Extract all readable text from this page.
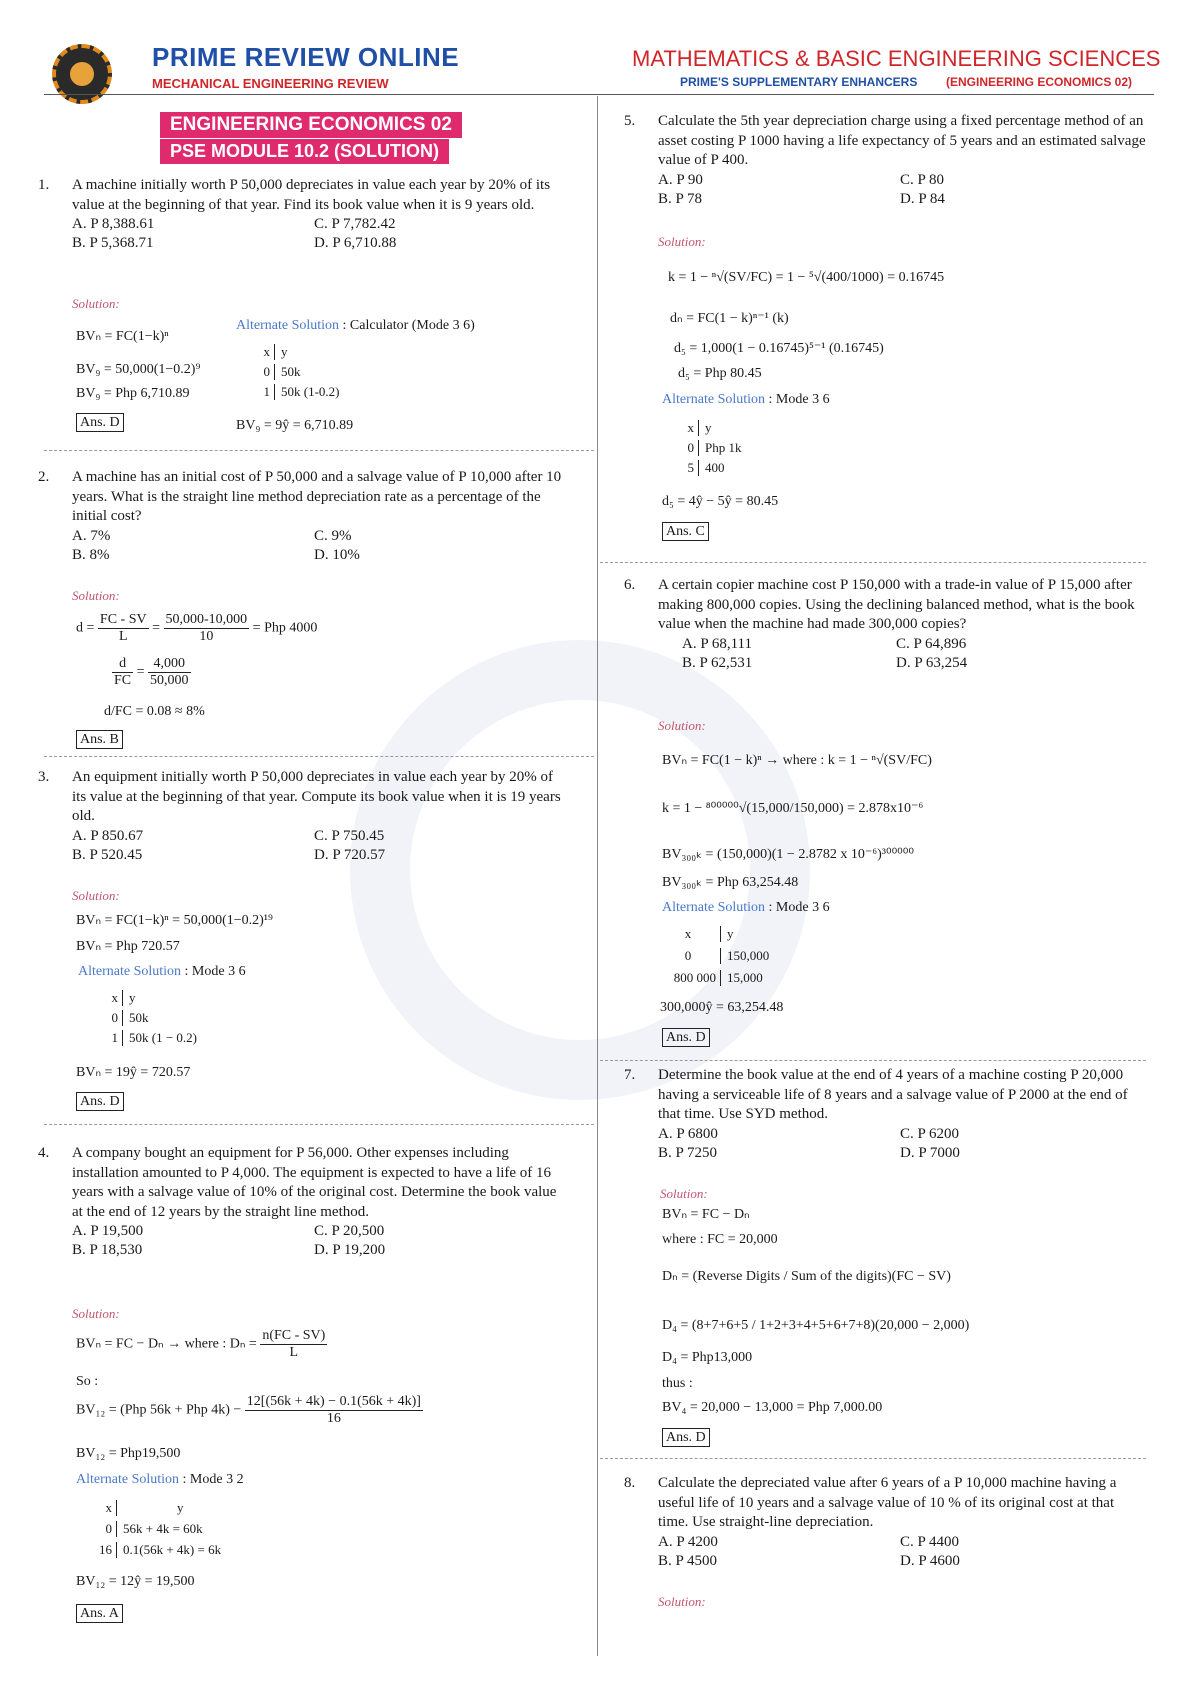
PRIME REVIEW ONLINE
MECHANICAL ENGINEERING REVIEW
MATHEMATICS & BASIC ENGINEERING SCIENCES
PRIME'S SUPPLEMENTARY ENHANCERS (ENGINEERING ECONOMICS 02)
ENGINEERING ECONOMICS 02
PSE MODULE 10.2 (SOLUTION)
1. A machine initially worth P 50,000 depreciates in value each year by 20% of its value at the beginning of that year. Find its book value when it is 9 years old.
A. P 8,388.61	C. P 7,782.42
B. P 5,368.71	D. P 6,710.88
Solution:
BVₙ = FC(1−k)ⁿ
BV₉ = 50,000(1−0.2)⁹
BV₉ = Php 6,710.89
Ans. D
Alternate Solution : Calculator (Mode 3 6)
x y
0 50k
1 50k (1-0.2)
BV₉ = 9ŷ = 6,710.89
2. A machine has an initial cost of P 50,000 and a salvage value of P 10,000 after 10 years. What is the straight line method depreciation rate as a percentage of the initial cost?
A. 7%	C. 9%
B. 8%	D. 10%
Solution:
$d = \frac{FC - SV}{L} = \frac{50,000-10,000}{10}$ = Php 4000
$\frac{d}{FC} = \frac{4,000}{50,000}$
d/FC = 0.08 ≈ 8%
Ans. B
3. An equipment initially worth P 50,000 depreciates in value each year by 20% of its value at the beginning of that year. Compute its book value when it is 19 years old.
A. P 850.67	C. P 750.45
B. P 520.45	D. P 720.57
Solution:
BVₙ = FC(1−k)ⁿ = 50,000(1−0.2)¹⁹
BVₙ = Php 720.57
Alternate Solution : Mode 3 6
x y
0 50k
1 50k (1 − 0.2)
BVₙ = 19ŷ = 720.57
Ans. D
4. A company bought an equipment for P 56,000. Other expenses including installation amounted to P 4,000. The equipment is expected to have a life of 16 years with a salvage value of 10% of the original cost. Determine the book value at the end of 12 years by the straight line method.
A. P 19,500	C. P 20,500
B. P 18,530	D. P 19,200
Solution:
BVₙ = FC − Dₙ → where : $D_n = \frac{n(FC - SV)}{L}$
So :
BV₁₂ = (Php 56k + Php $4k) - \frac{12[(56k + 4k) - 0.1(56k + 4k)]}{16}$
BV₁₂ = Php19,500
Alternate Solution : Mode 3 2
x	y
0 56k + 4k = 60k
16 0.1(56k + 4k) = 6k
BV₁₂ = 12ŷ = 19,500
Ans. A
5. Calculate the 5th year depreciation charge using a fixed percentage method of an asset costing P 1000 having a life expectancy of 5 years and an estimated salvage value of P 400.
A. P 90	C. P 80
B. P 78	D. P 84
Solution:
k = 1 − ⁿ√(SV/FC) = 1 − ⁵√(400/1000) = 0.16745
dₙ = FC(1 − k)ⁿ⁻¹ (k)
d₅ = 1,000(1 − 0.16745)⁵⁻¹ (0.16745)
d₅ = Php 80.45
Alternate Solution : Mode 3 6
x y
0 Php 1k
5 400
d₅ = 4ŷ − 5ŷ = 80.45
Ans. C
6. A certain copier machine cost P 150,000 with a trade-in value of P 15,000 after making 800,000 copies. Using the declining balanced method, what is the book value when the machine had made 300,000 copies?
A. P 68,111	C. P 64,896
B. P 62,531	D. P 63,254
Solution:
BVₙ = FC(1 − k)ⁿ → where : k = 1 − ⁿ√(SV/FC)
k = 1 − ⁸⁰⁰⁰⁰⁰√(15,000/150,000) = 2.878x10⁻⁶
BV₃₀₀ₖ = (150,000)(1 − 2.8782 x 10⁻⁶)³⁰⁰⁰⁰⁰
BV₃₀₀ₖ = Php 63,254.48
Alternate Solution : Mode 3 6
x	y
0	150,000
800 000 15,000
300,000ŷ = 63,254.48
Ans. D
7. Determine the book value at the end of 4 years of a machine costing P 20,000 having a serviceable life of 8 years and a salvage value of P 2000 at the end of that time. Use SYD method.
A. P 6800	C. P 6200
B. P 7250	D. P 7000
Solution:
BVₙ = FC − Dₙ
where : FC = 20,000
Dₙ = (Reverse Digits / Sum of the digits)(FC − SV)
D₄ = (8+7+6+5 / 1+2+3+4+5+6+7+8)(20,000 − 2,000)
D₄ = Php13,000
thus :
BV₄ = 20,000 − 13,000 = Php 7,000.00
Ans. D
8. Calculate the depreciated value after 6 years of a P 10,000 machine having a useful life of 10 years and a salvage value of 10 % of its original cost at that time. Use straight-line depreciation.
A. P 4200	C. P 4400
B. P 4500	D. P 4600
Solution:
